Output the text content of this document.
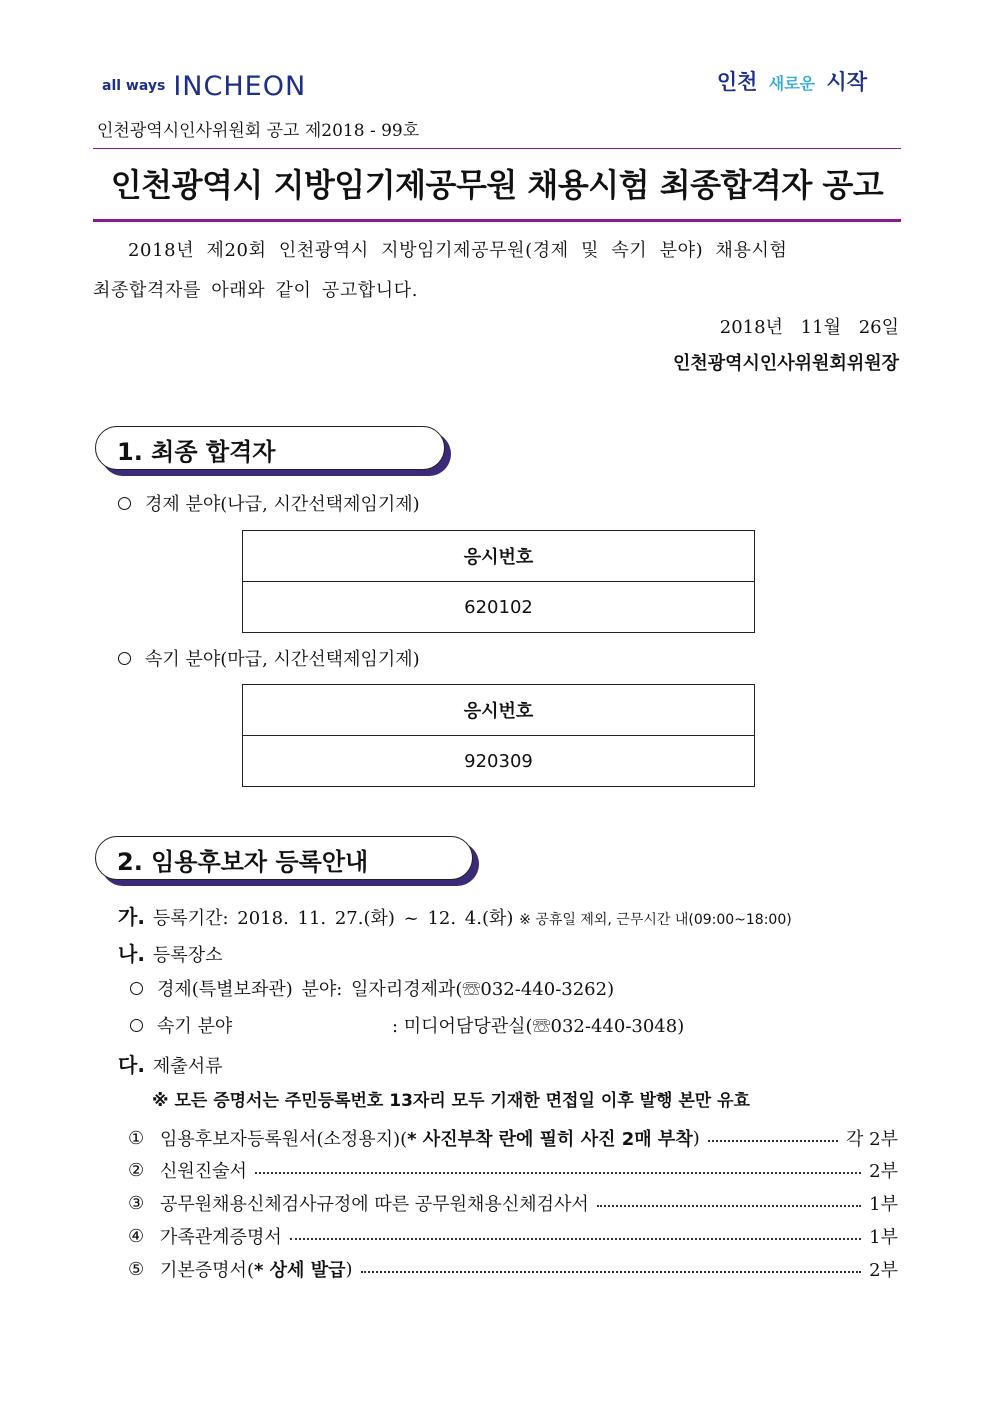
all ways INCHEON	인천 새로운 시작
인천광역시인사위원회 공고 제2018 - 99호
인천광역시 지방임기제공무원 채용시험 최종합격자 공고
2018년 제20회 인천광역시 지방임기제공무원(경제 및 속기 분야) 채용시험
최종합격자를 아래와 같이 공고합니다.
2018년 11월 26일
인천광역시인사위원회위원장
1. 최종 합격자
경제 분야(나급, 시간선택제임기제)
응시번호
620102
속기 분야(마급, 시간선택제임기제)
응시번호
920309
2. 임용후보자 등록안내
가. 등록기간: 2018. 11. 27.(화) ~ 12. 4.(화) ※ 공휴일 제외, 근무시간 내(09:00~18:00)
나. 등록장소
경제(특별보좌관) 분야: 일자리경제과(☏032-440-3262)
속기 분야	: 미디어담당관실(☏032-440-3048)
다. 제출서류
※ 모든 증명서는 주민등록번호 13자리 모두 기재한 면접일 이후 발행 본만 유효
① 임용후보자등록원서(소정용지)( * 사진부착 란에 필히 사진 2매 부착 )	각 2부
② 신원진술서	2부
③ 공무원채용신체검사규정에 따른 공무원채용신체검사서	1부
④ 가족관계증명서	1부
⑤ 기본증명서( * 상세 발급 )	2부
